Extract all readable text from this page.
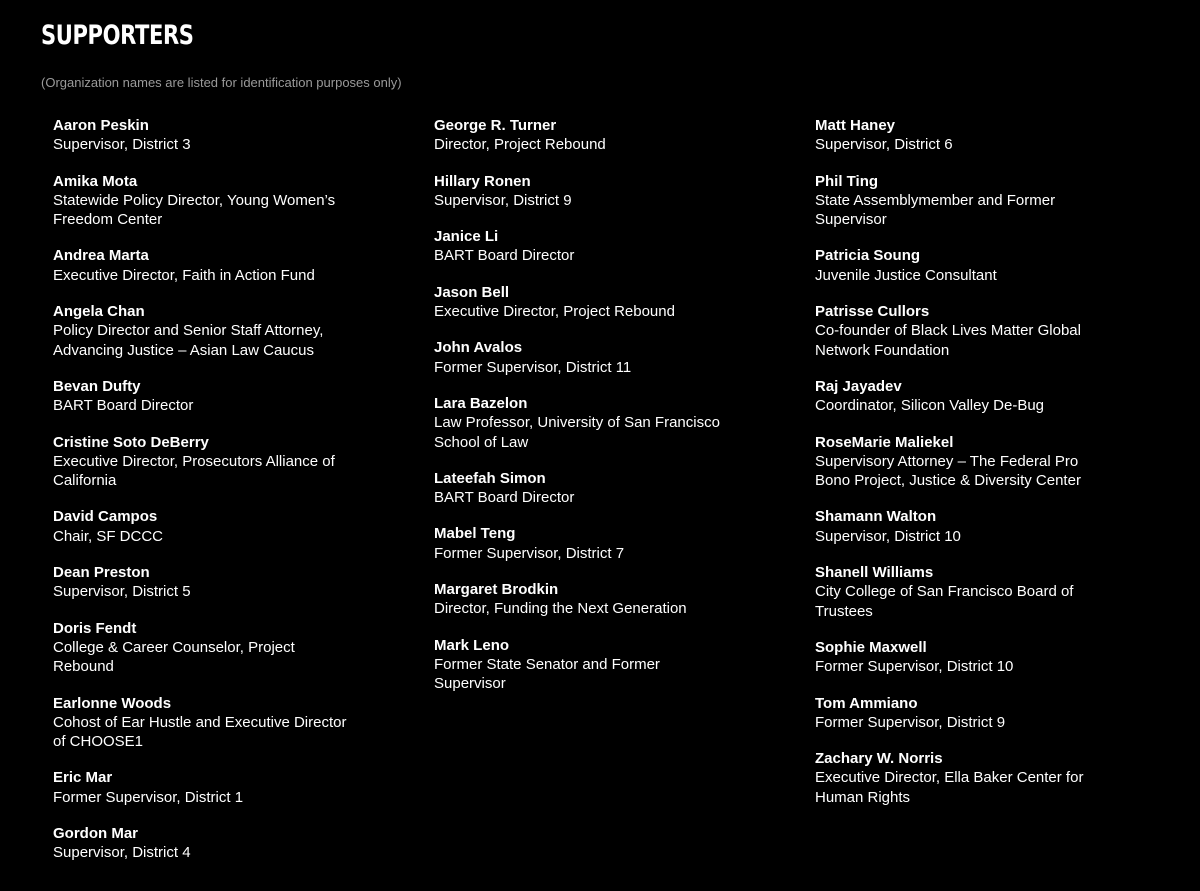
SUPPORTERS

(Organization names are listed for identification purposes only)

Aaron Peskin
Supervisor, District 3
Amika Mota
Statewide Policy Director, Young Women’s Freedom Center
Andrea Marta
Executive Director, Faith in Action Fund
Angela Chan
Policy Director and Senior Staff Attorney, Advancing Justice – Asian Law Caucus
Bevan Dufty
BART Board Director
Cristine Soto DeBerry
Executive Director, Prosecutors Alliance of California
David Campos
Chair, SF DCCC
Dean Preston
Supervisor, District 5
Doris Fendt
College & Career Counselor, Project Rebound
Earlonne Woods
Cohost of Ear Hustle and Executive Director of CHOOSE1
Eric Mar
Former Supervisor, District 1
Gordon Mar
Supervisor, District 4
George R. Turner
Director, Project Rebound
Hillary Ronen
Supervisor, District 9
Janice Li
BART Board Director
Jason Bell
Executive Director, Project Rebound
John Avalos
Former Supervisor, District 11
Lara Bazelon
Law Professor, University of San Francisco School of Law
Lateefah Simon
BART Board Director
Mabel Teng
Former Supervisor, District 7
Margaret Brodkin
Director, Funding the Next Generation
Mark Leno
Former State Senator and Former Supervisor
Matt Haney
Supervisor, District 6
Phil Ting
State Assemblymember and Former Supervisor
Patricia Soung
Juvenile Justice Consultant
Patrisse Cullors
Co-founder of Black Lives Matter Global Network Foundation
Raj Jayadev
Coordinator, Silicon Valley De-Bug
RoseMarie Maliekel
Supervisory Attorney – The Federal Pro Bono Project, Justice & Diversity Center
Shamann Walton
Supervisor, District 10
Shanell Williams
City College of San Francisco Board of Trustees
Sophie Maxwell
Former Supervisor, District 10
Tom Ammiano
Former Supervisor, District 9
Zachary W. Norris
Executive Director, Ella Baker Center for Human Rights
